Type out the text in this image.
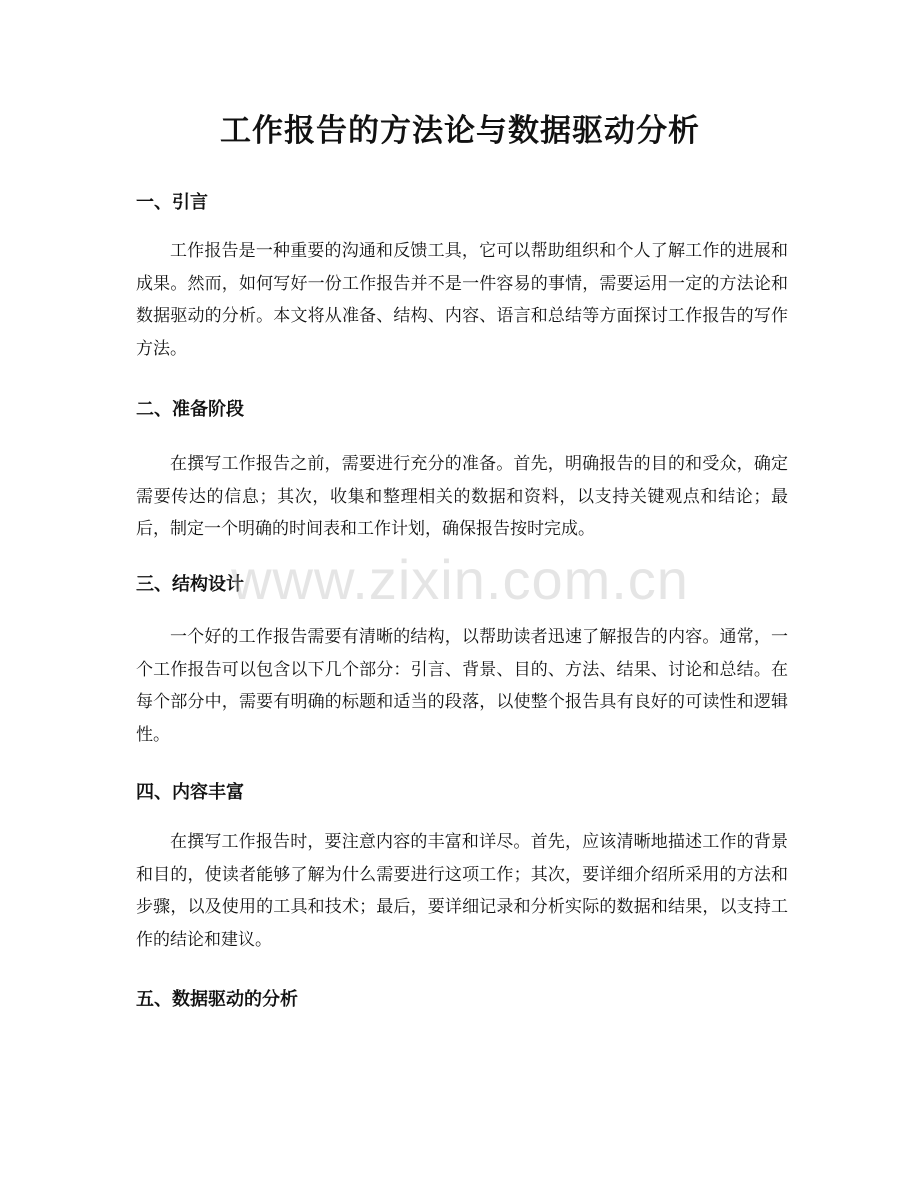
工作报告的方法论与数据驱动分析
一、引言

工作报告是一种重要的沟通和反馈工具，它可以帮助组织和个人了解工作的进展和成果。然而，如何写好一份工作报告并不是一件容易的事情，需要运用一定的方法论和数据驱动的分析。本文将从准备、结构、内容、语言和总结等方面探讨工作报告的写作方法。

二、准备阶段

在撰写工作报告之前，需要进行充分的准备。首先，明确报告的目的和受众，确定需要传达的信息；其次，收集和整理相关的数据和资料，以支持关键观点和结论；最后，制定一个明确的时间表和工作计划，确保报告按时完成。

三、结构设计

一个好的工作报告需要有清晰的结构，以帮助读者迅速了解报告的内容。通常，一个工作报告可以包含以下几个部分：引言、背景、目的、方法、结果、讨论和总结。在每个部分中，需要有明确的标题和适当的段落，以使整个报告具有良好的可读性和逻辑性。

四、内容丰富

在撰写工作报告时，要注意内容的丰富和详尽。首先，应该清晰地描述工作的背景和目的，使读者能够了解为什么需要进行这项工作；其次，要详细介绍所采用的方法和步骤，以及使用的工具和技术；最后，要详细记录和分析实际的数据和结果，以支持工作的结论和建议。

五、数据驱动的分析
www.zixin.com.cn
